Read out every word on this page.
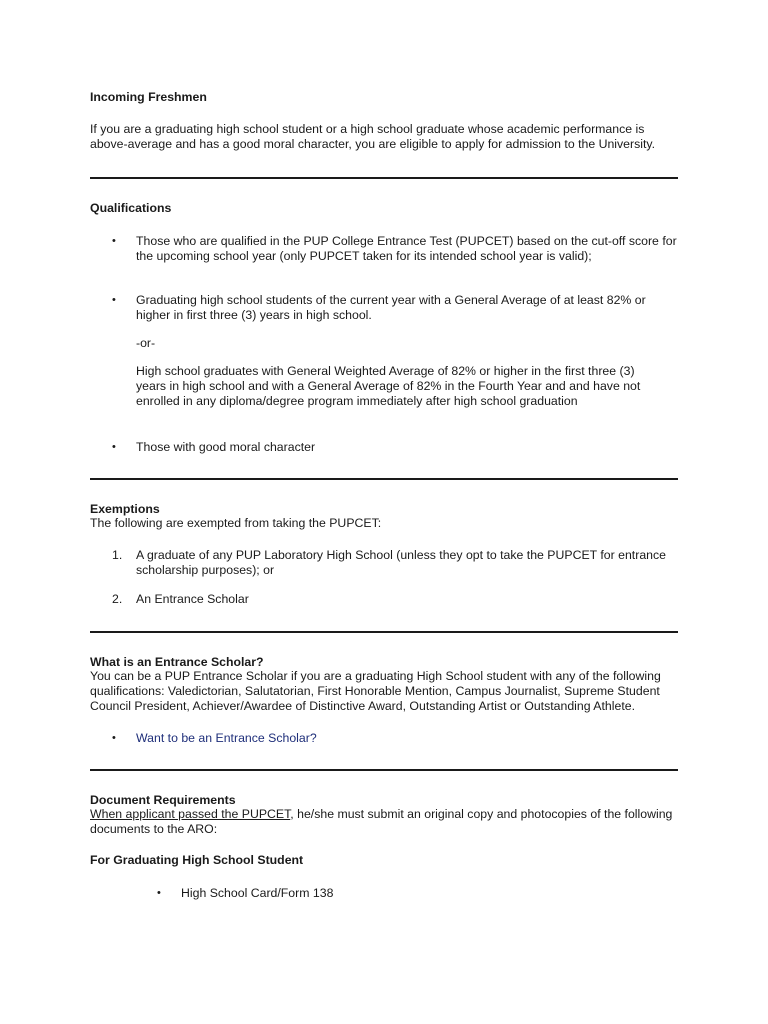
Incoming Freshmen
If you are a graduating high school student or a high school graduate whose academic performance is above-average and has a good moral character, you are eligible to apply for admission to the University.
Qualifications
• Those who are qualified in the PUP College Entrance Test (PUPCET) based on the cut-off score for the upcoming school year (only PUPCET taken for its intended school year is valid);
• Graduating high school students of the current year with a General Average of at least 82% or higher in first three (3) years in high school.
-or-
High school graduates with General Weighted Average of 82% or higher in the first three (3) years in high school and with a General Average of 82% in the Fourth Year and and have not enrolled in any diploma/degree program immediately after high school graduation
• Those with good moral character
Exemptions
The following are exempted from taking the PUPCET:
1.	A graduate of any PUP Laboratory High School (unless they opt to take the PUPCET for entrance scholarship purposes); or
2.	An Entrance Scholar
What is an Entrance Scholar?
You can be a PUP Entrance Scholar if you are a graduating High School student with any of the following qualifications: Valedictorian, Salutatorian, First Honorable Mention, Campus Journalist, Supreme Student Council President, Achiever/Awardee of Distinctive Award, Outstanding Artist or Outstanding Athlete.
• Want to be an Entrance Scholar?
Document Requirements
When applicant passed the PUPCET, he/she must submit an original copy and photocopies of the following documents to the ARO:
For Graduating High School Student
• High School Card/Form 138
